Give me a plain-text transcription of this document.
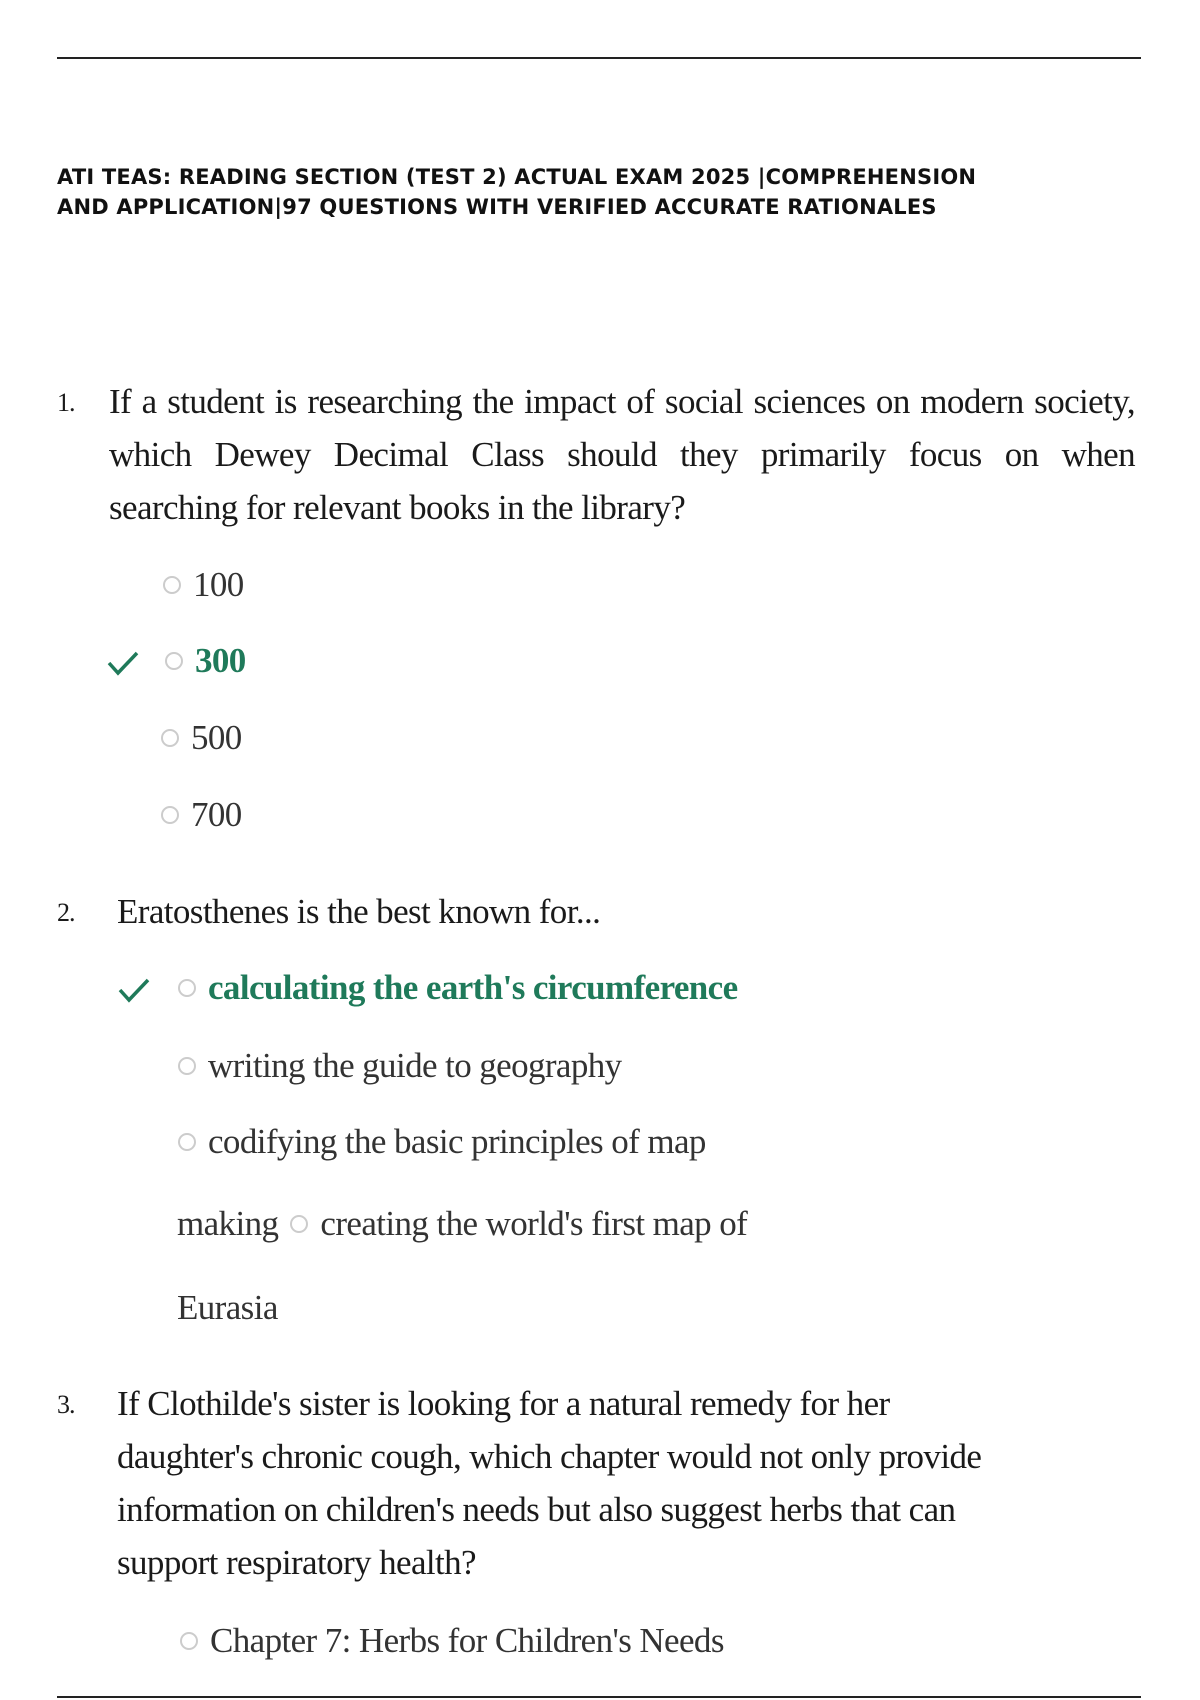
ATI TEAS: READING SECTION (TEST 2) ACTUAL EXAM 2025 |COMPREHENSION
AND APPLICATION|97 QUESTIONS WITH VERIFIED ACCURATE RATIONALES
1. If a student is researching the impact of social sciences on modern society, which Dewey Decimal Class should they primarily focus on when searching for relevant books in the library?
100
300
500
700
2. Eratosthenes is the best known for...
calculating the earth's circumference
writing the guide to geography
codifying the basic principles of map
making creating the world's first map of
Eurasia
3. If Clothilde's sister is looking for a natural remedy for her
daughter's chronic cough, which chapter would not only provide
information on children's needs but also suggest herbs that can
support respiratory health?
Chapter 7: Herbs for Children's Needs
